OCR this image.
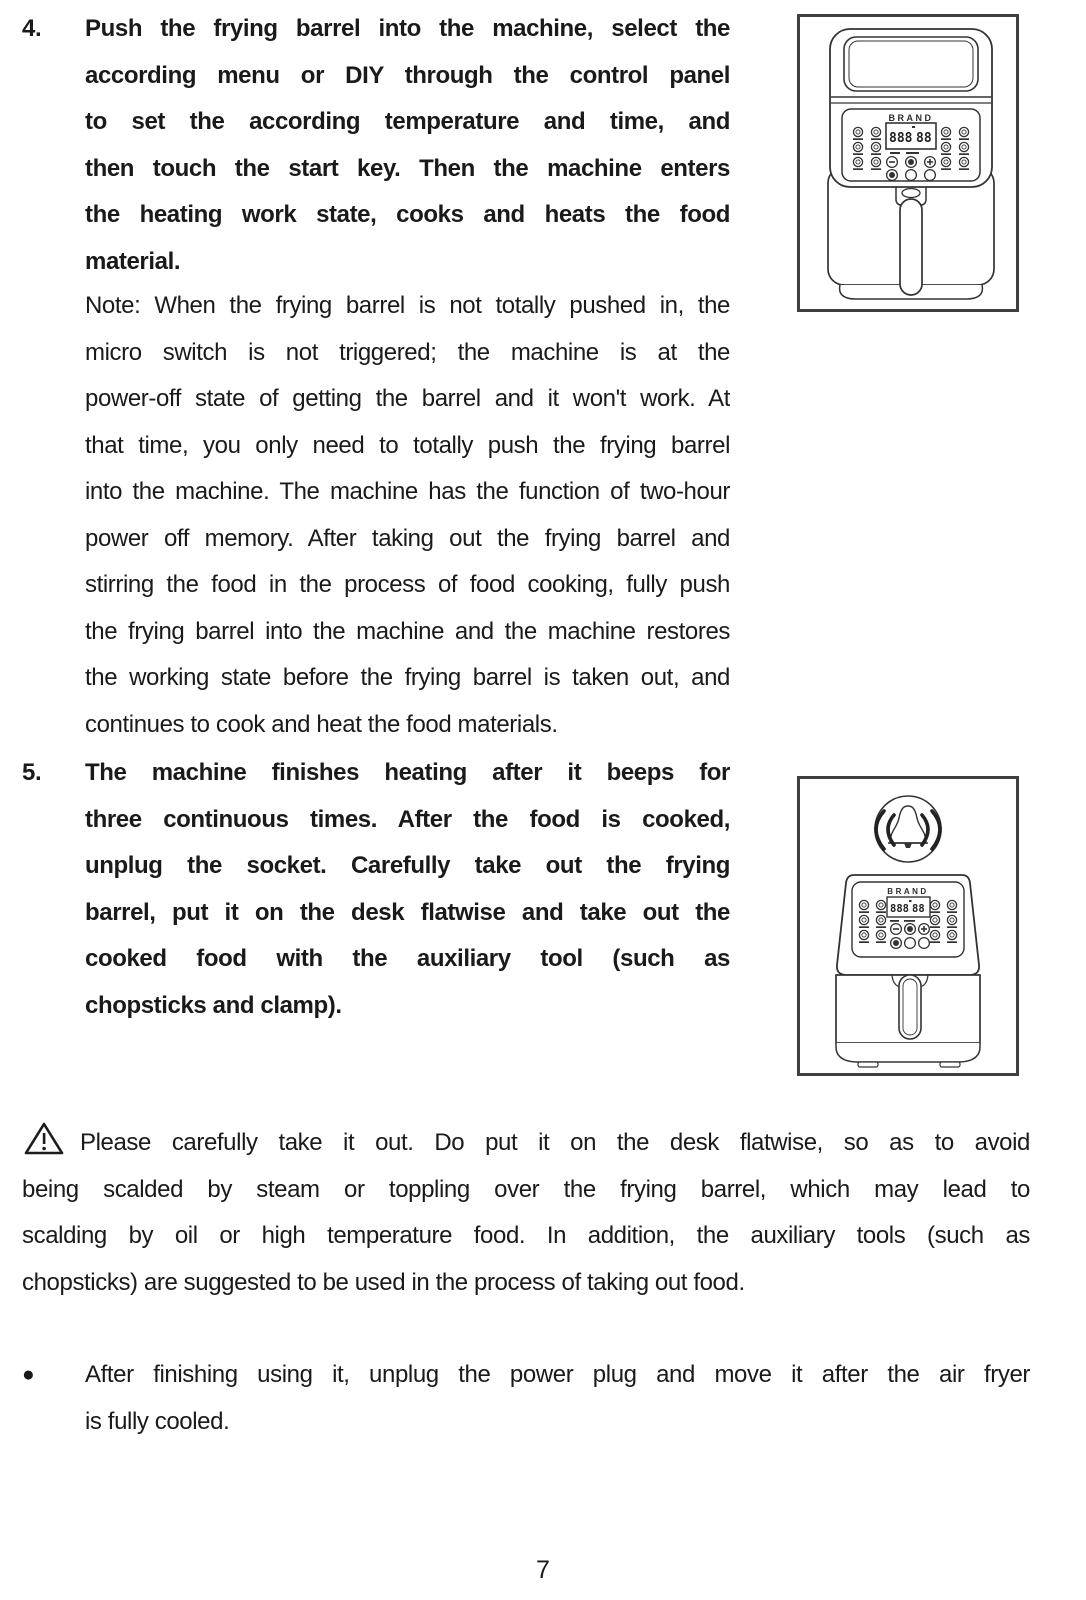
4.	Push the frying barrel into the machine, select the
according menu or DIY through the control panel
to set the according temperature and time, and
then touch the start key. Then the machine enters
the heating work state, cooks and heats the food
material.
Note: When the frying barrel is not totally pushed in, the
micro switch is not triggered; the machine is at the
power-off state of getting the barrel and it won't work. At
that time, you only need to totally push the frying barrel
into the machine. The machine has the function of two-hour
power off memory. After taking out the frying barrel and
stirring the food in the process of food cooking, fully push
the frying barrel into the machine and the machine restores
the working state before the frying barrel is taken out, and
continues to cook and heat the food materials.
5.	The machine finishes heating after it beeps for
three continuous times. After the food is cooked,
unplug the socket. Carefully take out the frying
barrel, put it on the desk flatwise and take out the
cooked food with the auxiliary tool (such as
chopsticks and clamp).
Please carefully take it out. Do put it on the desk flatwise, so as to avoid
being scalded by steam or toppling over the frying barrel, which may lead to
scalding by oil or high temperature food. In addition, the auxiliary tools (such as
chopsticks) are suggested to be used in the process of taking out food.
●	After finishing using it, unplug the power plug and move it after the air fryer
is fully cooled.
BRAND
888 88
BRAND
888 88
7
